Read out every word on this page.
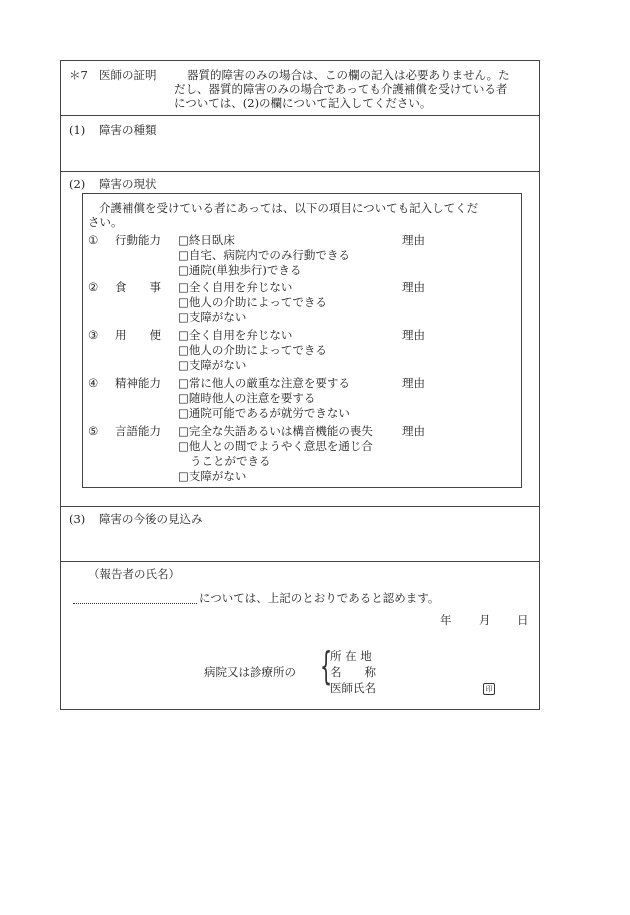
＊7 医師の証明	器質的障害のみの場合は、この欄の記入は必要ありません。た
だし、器質的障害のみの場合であっても介護補償を受けている者
については、(2)の欄について記入してください。
(1) 障害の種類
(2) 障害の現状
介護補償を受けている者にあっては、以下の項目についても記入してくだ
さい。
① 行動能力 □終日臥床
□自宅、病院内でのみ行動できる
□通院(単独歩行)できる
理由
② 食　　事 □全く自用を弁じない
□他人の介助によってできる
□支障がない
理由
③ 用　　便 □全く自用を弁じない
□他人の介助によってできる
□支障がない
理由
④ 精神能力 □常に他人の厳重な注意を要する
□随時他人の注意を要する
□通院可能であるが就労できない
理由
⑤ 言語能力 □完全な失語あるいは構音機能の喪失
□他人との間でようやく意思を通じ合
うことができる
□支障がない
理由
(3) 障害の今後の見込み
（報告者の氏名）
については、上記のとおりであると認めます。
年 月 日
病院又は診療所の {
所 在 地
名　　称
医師氏名	印
